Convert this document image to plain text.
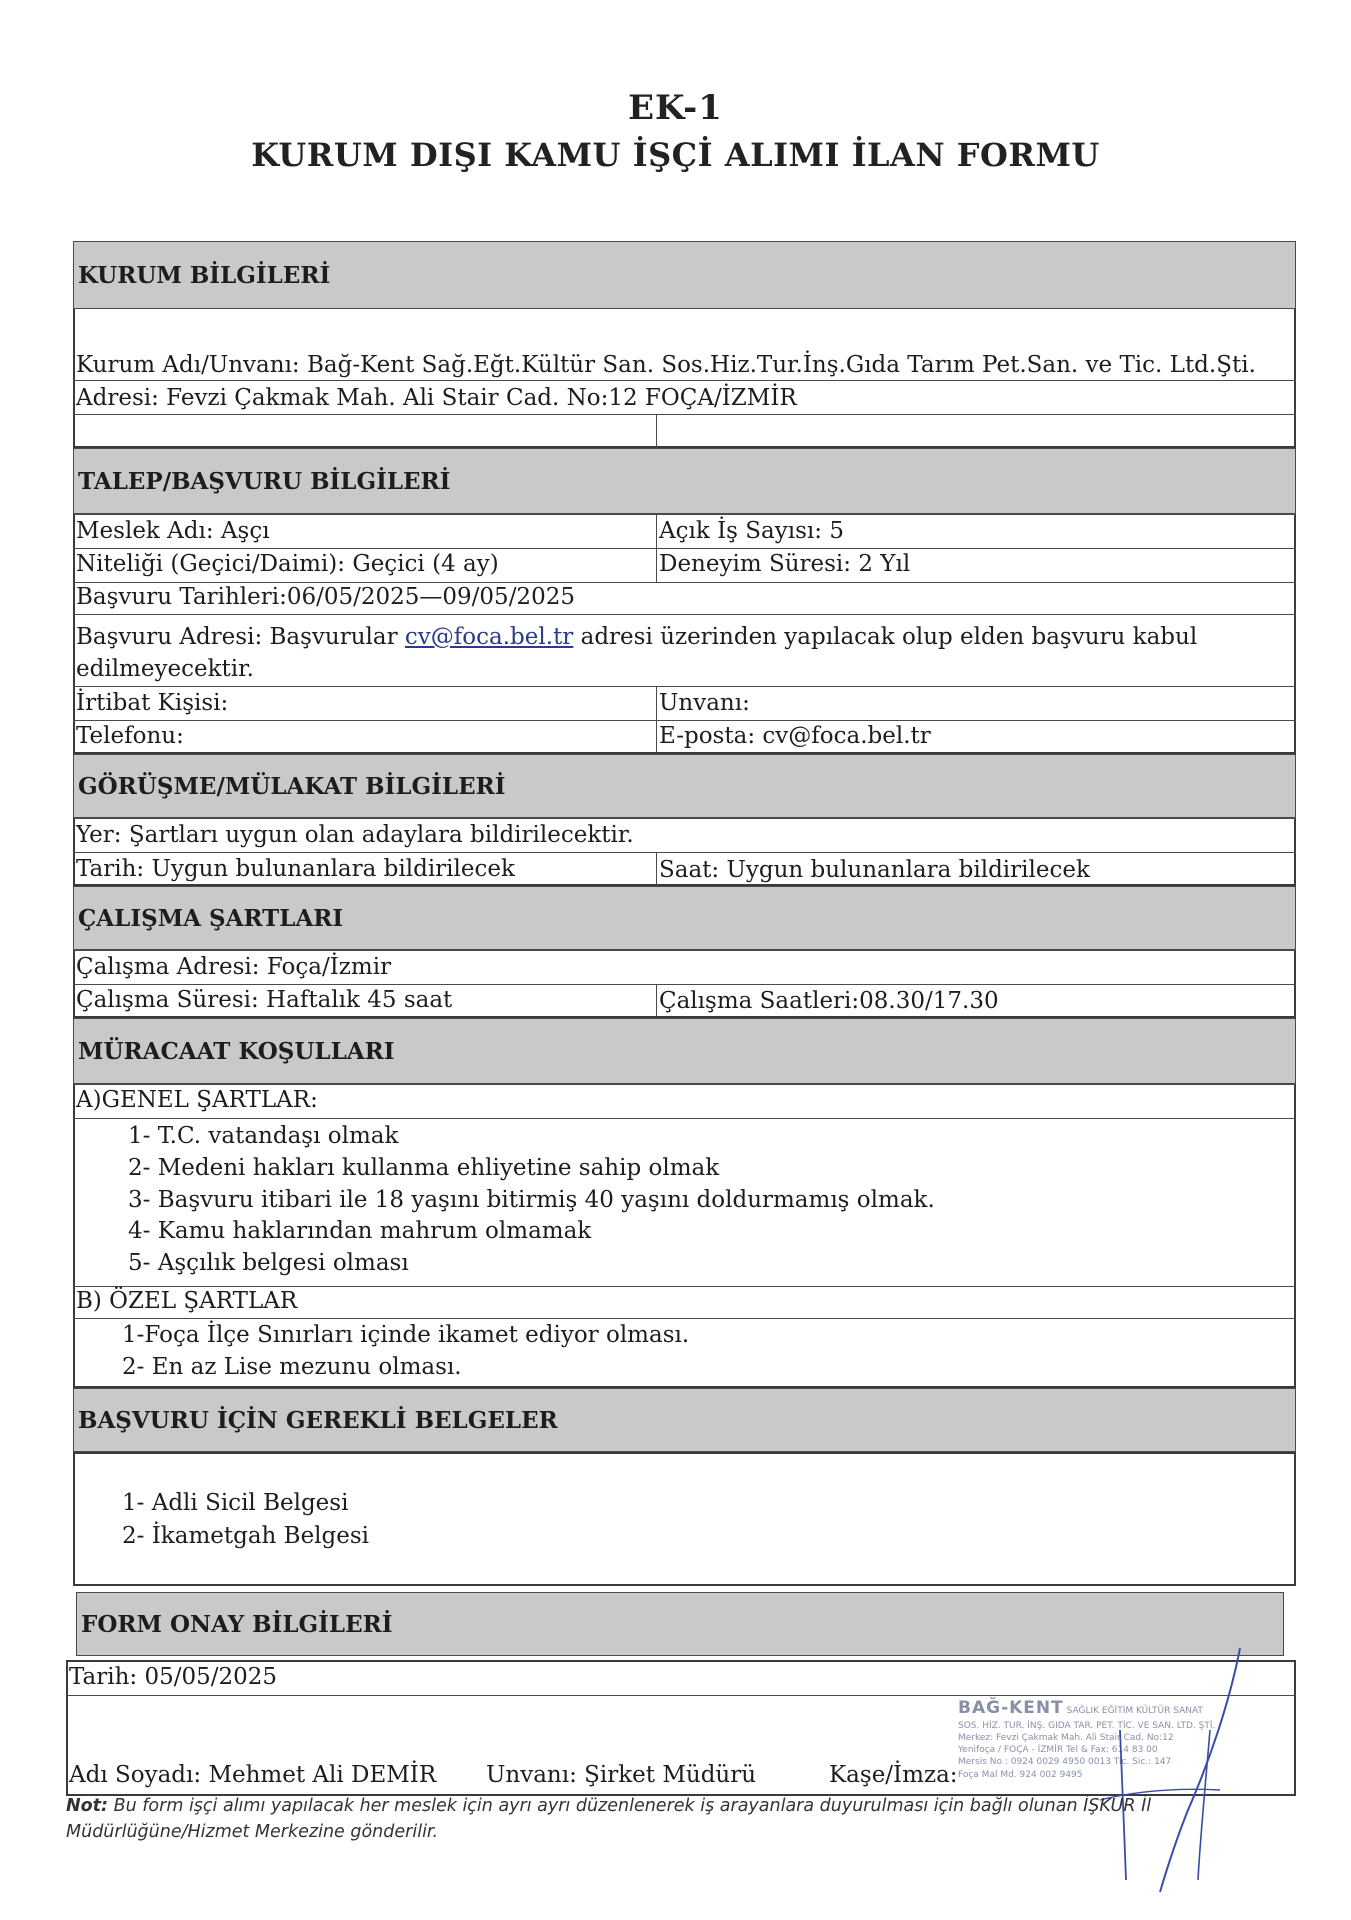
EK-1
KURUM DIŞI KAMU İŞÇİ ALIMI İLAN FORMU
KURUM BİLGİLERİ
Kurum Adı/Unvanı: Bağ-Kent Sağ.Eğt.Kültür San. Sos.Hiz.Tur.İnş.Gıda Tarım Pet.San. ve Tic. Ltd.Şti.
Adresi: Fevzi Çakmak Mah. Ali Stair Cad. No:12 FOÇA/İZMİR
TALEP/BAŞVURU BİLGİLERİ
Meslek Adı: Aşçı	Açık İş Sayısı: 5
Niteliği (Geçici/Daimi): Geçici (4 ay)	Deneyim Süresi: 2 Yıl
Başvuru Tarihleri:06/05/2025—09/05/2025
Başvuru Adresi: Başvurular cv@foca.bel.tr adresi üzerinden yapılacak olup elden başvuru kabul
edilmeyecektir.
İrtibat Kişisi:	Unvanı:
Telefonu:	E-posta: cv@foca.bel.tr
GÖRÜŞME/MÜLAKAT BİLGİLERİ
Yer: Şartları uygun olan adaylara bildirilecektir.
Tarih: Uygun bulunanlara bildirilecek	Saat: Uygun bulunanlara bildirilecek
ÇALIŞMA ŞARTLARI
Çalışma Adresi: Foça/İzmir
Çalışma Süresi: Haftalık 45 saat	Çalışma Saatleri:08.30/17.30
MÜRACAAT KOŞULLARI
A)GENEL ŞARTLAR:
1- T.C. vatandaşı olmak
2- Medeni hakları kullanma ehliyetine sahip olmak
3- Başvuru itibari ile 18 yaşını bitirmiş 40 yaşını doldurmamış olmak.
4- Kamu haklarından mahrum olmamak
5- Aşçılık belgesi olması
B) ÖZEL ŞARTLAR
1-Foça İlçe Sınırları içinde ikamet ediyor olması.
2- En az Lise mezunu olması.
BAŞVURU İÇİN GEREKLİ BELGELER
1- Adli Sicil Belgesi
2- İkametgah Belgesi
FORM ONAY BİLGİLERİ
Tarih: 05/05/2025
Adı Soyadı: Mehmet Ali DEMİR Unvanı: Şirket Müdürü	Kaşe/İmza:
BAĞ-KENT SAĞLIK EĞİTİM KÜLTÜR SANAT
SOS. HİZ. TUR. İNŞ. GIDA TAR. PET. TİC. VE SAN. LTD. ŞTİ.
Merkez: Fevzi Çakmak Mah. Ali Stair Cad. No:12
Yenifoça / FOÇA - İZMİR Tel & Fax: 614 83 00
Mersis No : 0924 0029 4950 0013 Tic. Sic.: 147
Foça Mal Md. 924 002 9495
Not: Bu form işçi alımı yapılacak her meslek için ayrı ayrı düzenlenerek iş arayanlara duyurulması için bağlı olunan İŞKUR İl Müdürlüğüne/Hizmet Merkezine gönderilir.
